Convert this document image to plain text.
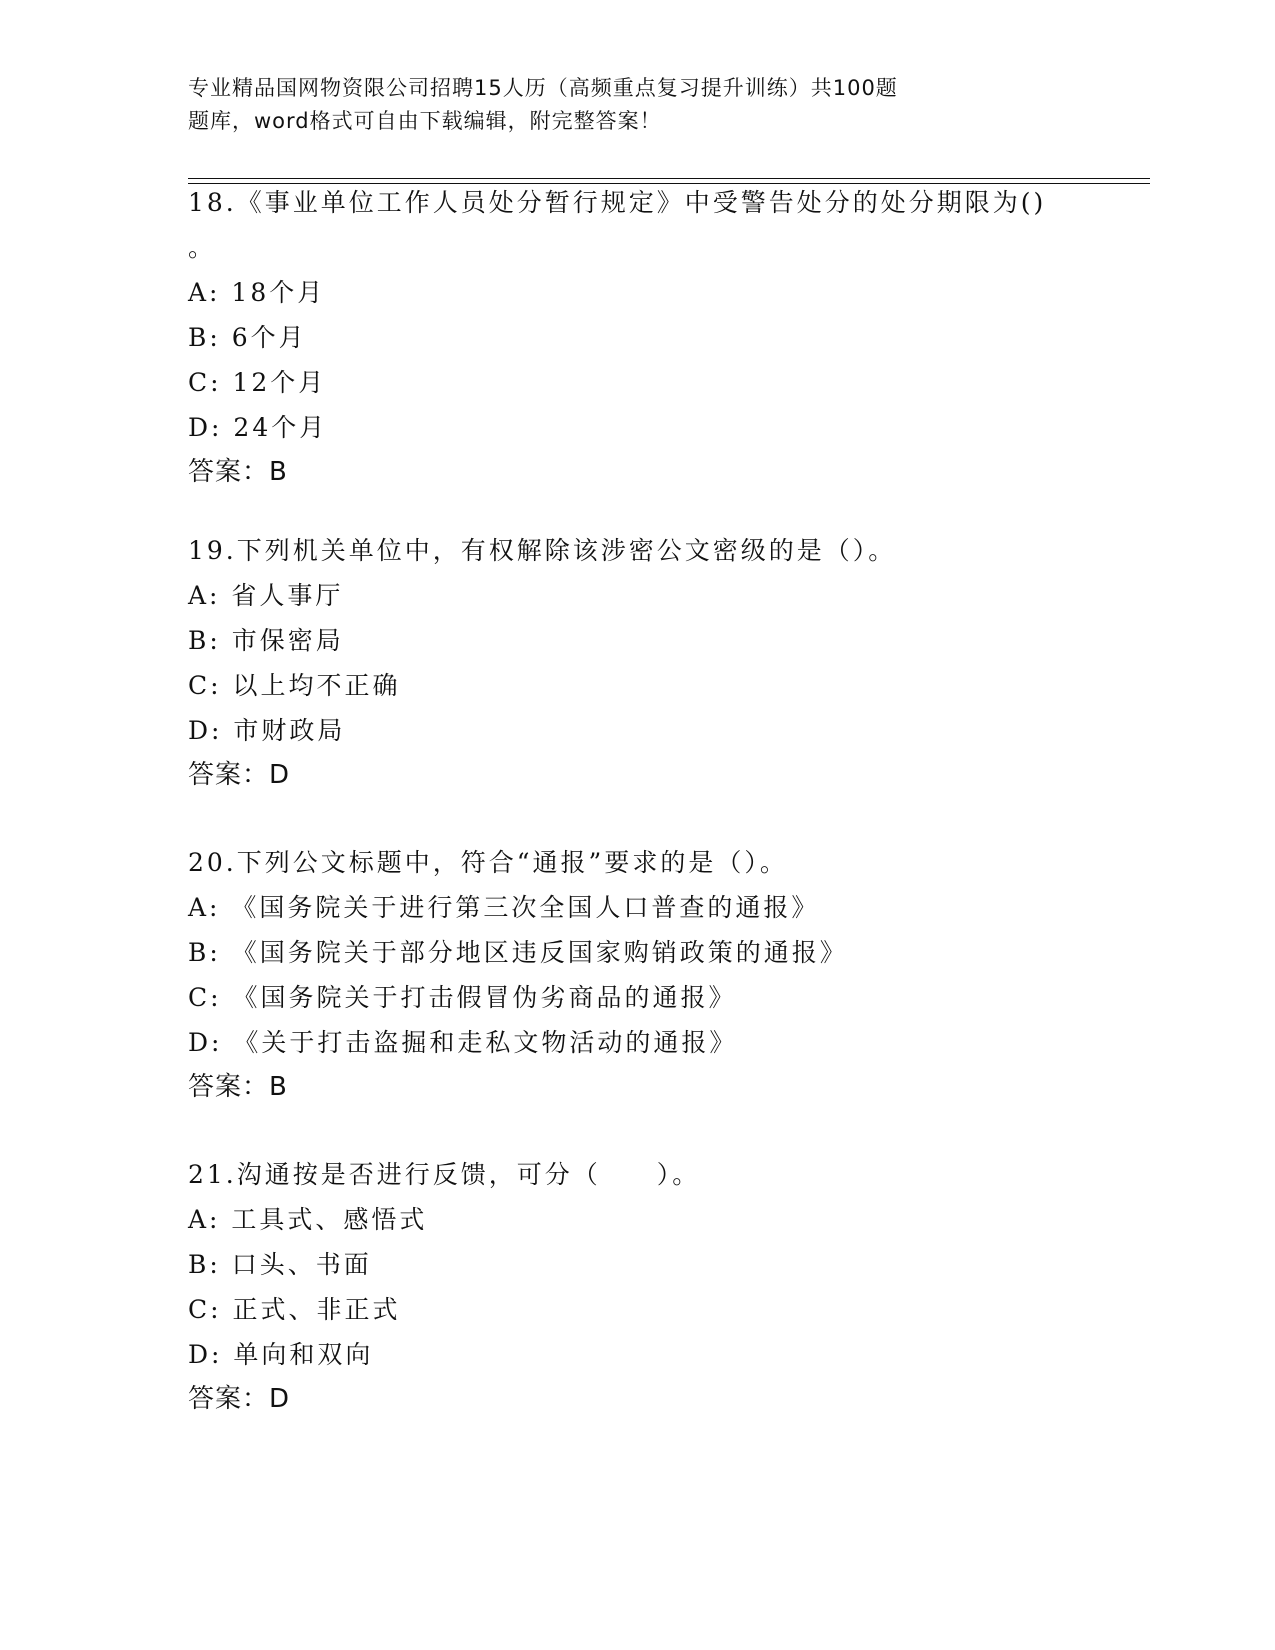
专业精品国网物资限公司招聘15人历（高频重点复习提升训练）共100题
题库，word格式可自由下载编辑，附完整答案！
18.《事业单位工作人员处分暂行规定》中受警告处分的处分期限为()
。
A: 18个月
B: 6个月
C: 12个月
D: 24个月
答案：B
19.下列机关单位中，有权解除该涉密公文密级的是（）。
A: 省人事厅
B: 市保密局
C: 以上均不正确
D: 市财政局
答案：D
20.下列公文标题中，符合“通报”要求的是（）。
A: 《国务院关于进行第三次全国人口普查的通报》
B: 《国务院关于部分地区违反国家购销政策的通报》
C: 《国务院关于打击假冒伪劣商品的通报》
D: 《关于打击盗掘和走私文物活动的通报》
答案：B
21.沟通按是否进行反馈，可分（　　）。
A: 工具式、感悟式
B: 口头、书面
C: 正式、非正式
D: 单向和双向
答案：D
